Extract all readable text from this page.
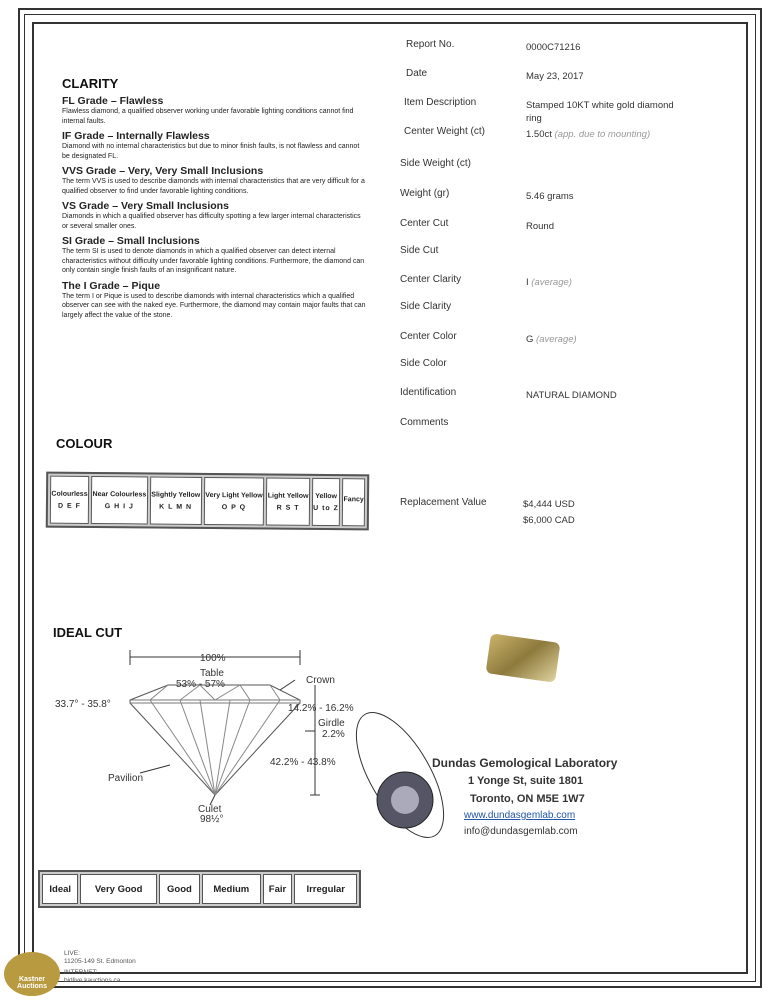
CLARITY
FL Grade – Flawless

Flawless diamond, a qualified observer working under favorable lighting conditions cannot find internal faults.

IF Grade – Internally Flawless

Diamond with no internal characteristics but due to minor finish faults, is not flawless and cannot be designated FL.

VVS Grade – Very, Very Small Inclusions

The term VVS is used to describe diamonds with internal characteristics that are very difficult for a qualified observer to find under favorable lighting conditions.

VS Grade – Very Small Inclusions

Diamonds in which a qualified observer has difficulty spotting a few larger internal characteristics or several smaller ones.

SI Grade – Small Inclusions

The term SI is used to denote diamonds in which a qualified observer can detect internal characteristics without difficulty under favorable lighting conditions. Furthermore, the diamond can only contain single finish faults of an insignificant nature.

The I Grade – Pique

The term I or Pique is used to describe diamonds with internal characteristics which a qualified observer can see with the naked eye. Furthermore, the diamond may contain major faults that can largely affect the value of the stone.

COLOUR
Colourless
D E F

Near Colourless
G H I J

Slightly Yellow
K L M N

Very Light Yellow
O P Q

Light Yellow
R S T

Yellow
U to Z

Fancy
IDEAL CUT
100%
Table
53% - 57%	Crown
33.7° - 35.8°	14.2% - 16.2%
Girdle
2.2%
42.2% - 43.8%
Pavilion
Culet
98½°
Ideal	Very Good	Good	Medium	Fair	Irregular
Report No.	0000C71216
Date	May 23, 2017
Item Description	Stamped 10KT white gold diamond ring
Center Weight (ct)	1.50ct (app. due to mounting)
Side Weight (ct)
Weight (gr)	5.46 grams
Center Cut	Round
Side Cut
Center Clarity	I (average)
Side Clarity
Center Color	G (average)
Side Color
Identification	NATURAL DIAMOND
Comments
Replacement Value	$4,444 USD
$6,000 CAD
Dundas Gemological Laboratory
1 Yonge St, suite 1801
Toronto, ON M5E 1W7
www.dundasgemlab.com
info@dundasgemlab.com
Kastner Auctions
LIVE:
11205-149 St. Edmonton
INTERNET:
bidlive.kauctions.ca
